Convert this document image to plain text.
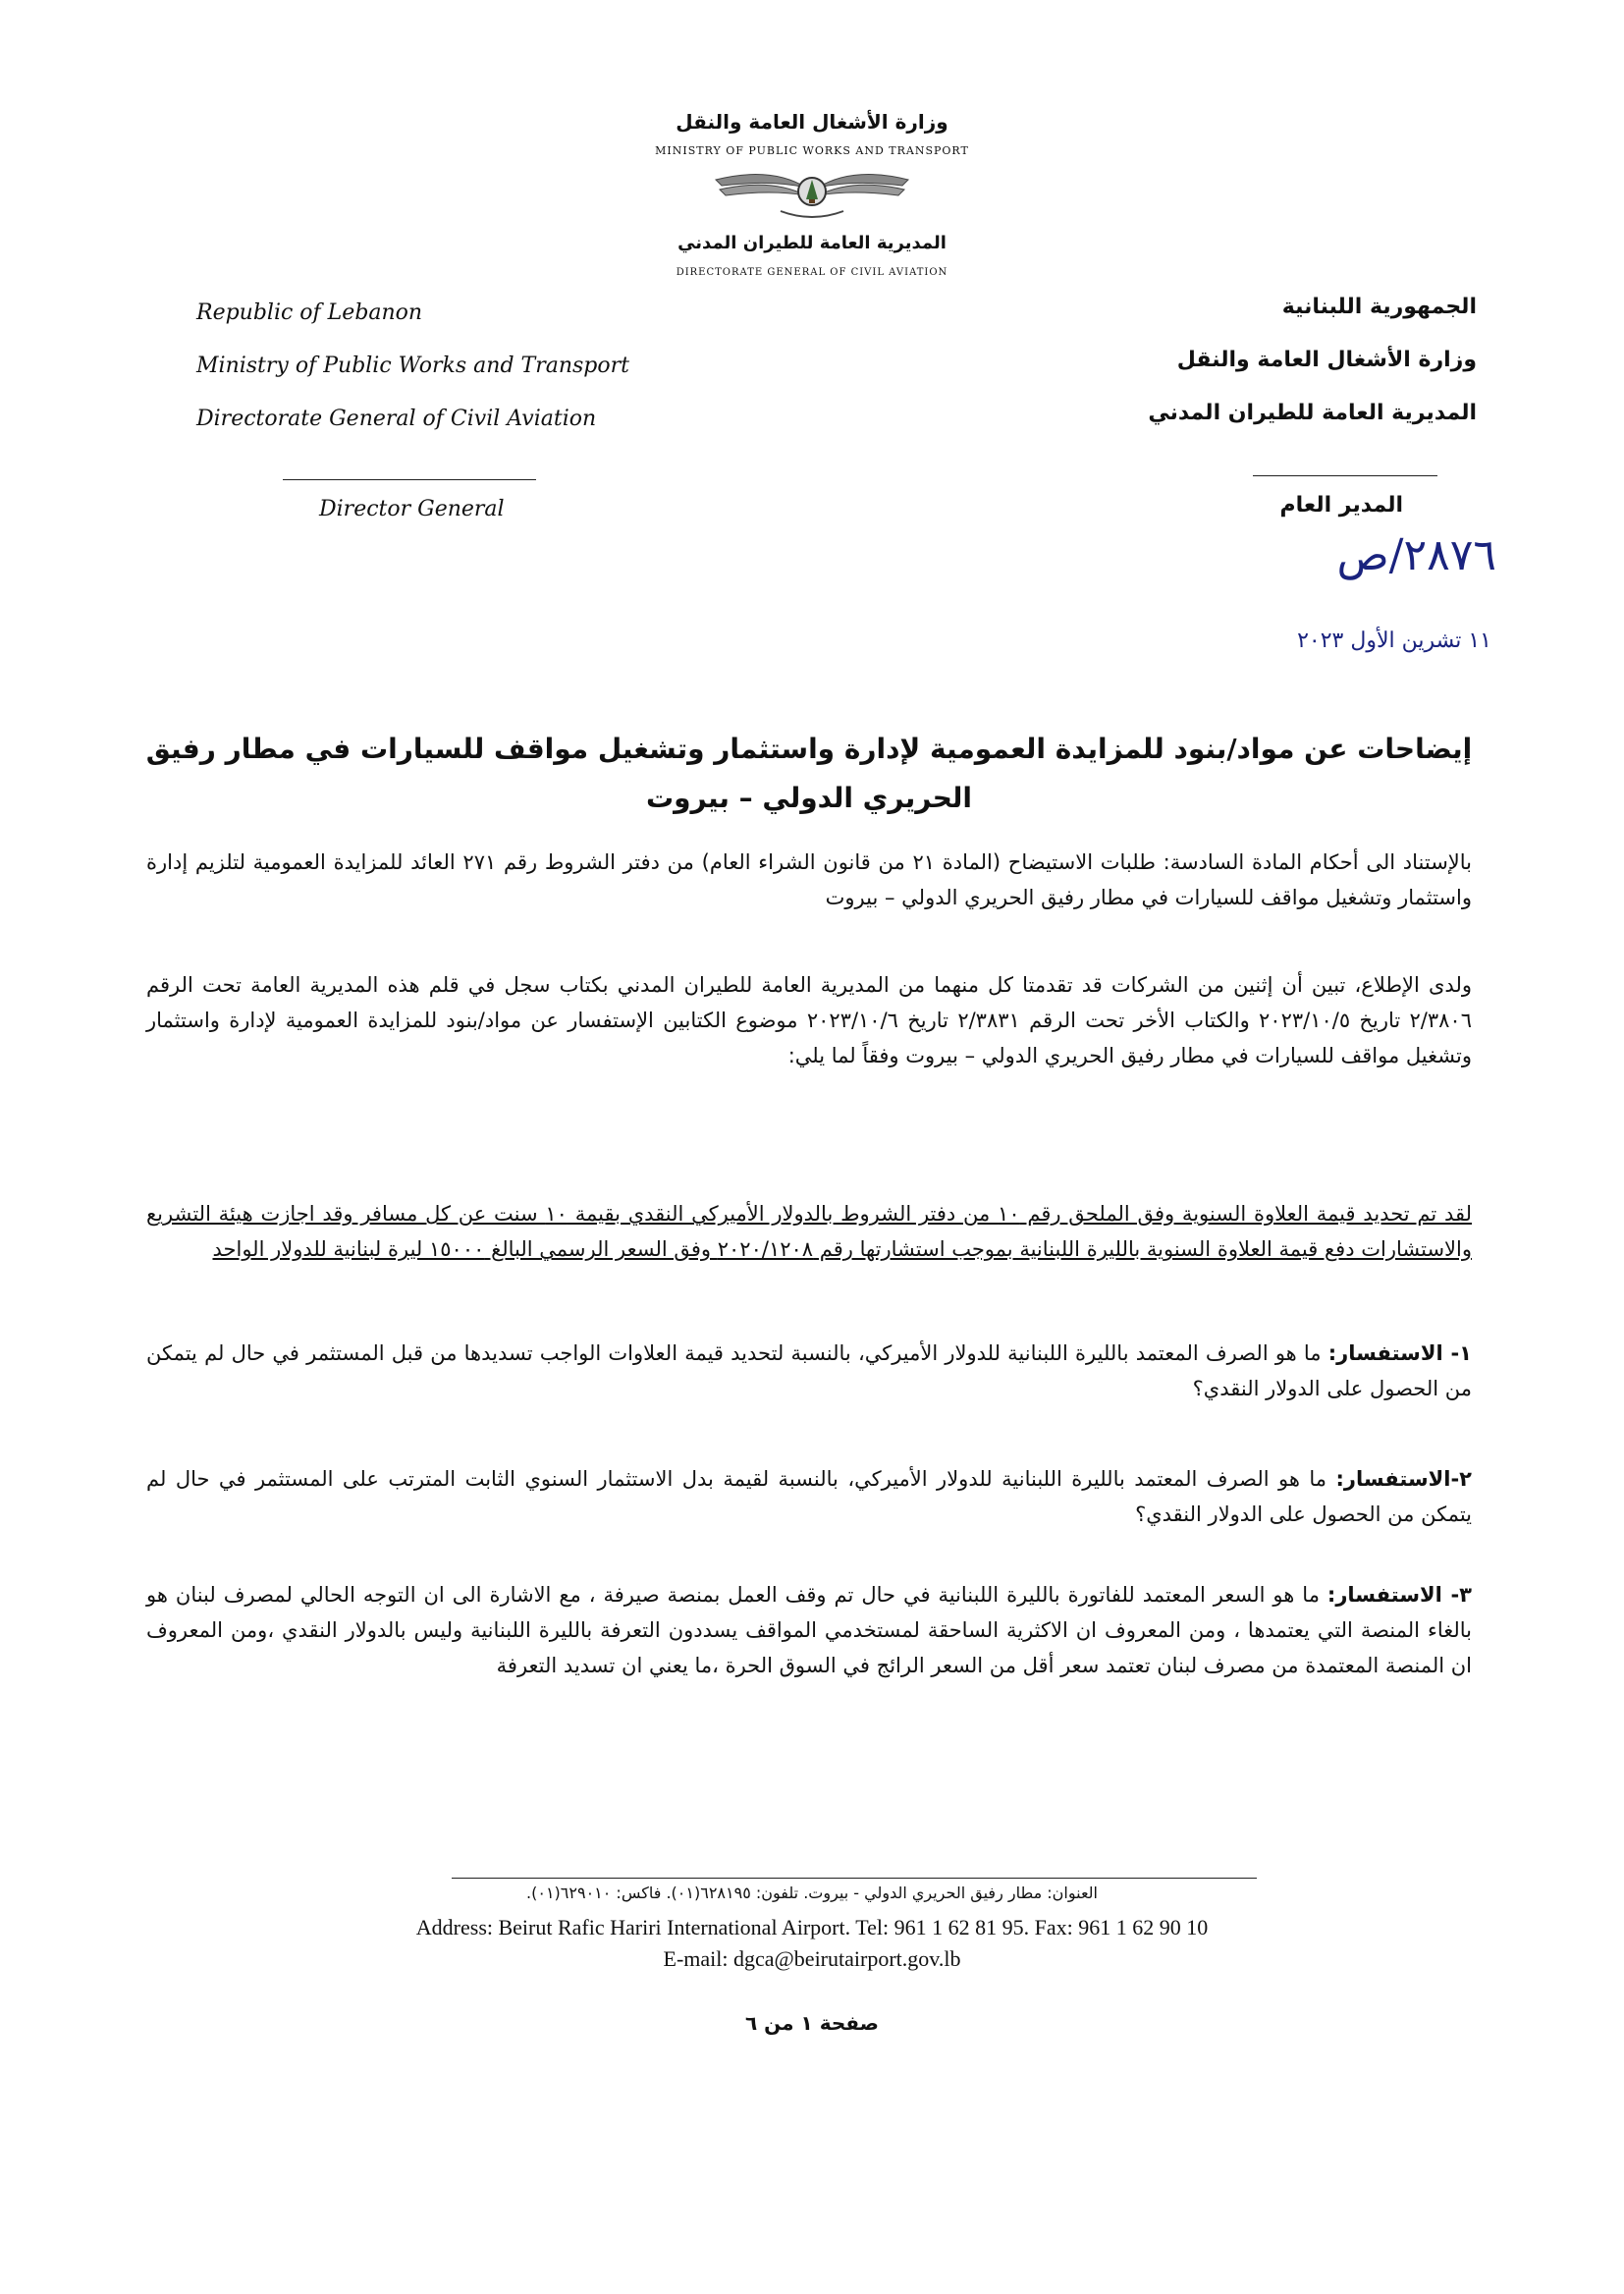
وزارة الأشغال العامة والنقل
MINISTRY OF PUBLIC WORKS AND TRANSPORT
المديرية العامة للطيران المدني
DIRECTORATE GENERAL OF CIVIL AVIATION
Republic of Lebanon
Ministry of Public Works and Transport
Directorate General of Civil Aviation
Director General
الجمهورية اللبنانية
وزارة الأشغال العامة والنقل
المديرية العامة للطيران المدني
المدير العام
٢٨٧٦/ص
١١ تشرين الأول ٢٠٢٣
إيضاحات عن مواد/بنود للمزايدة العمومية لإدارة واستثمار وتشغيل مواقف للسيارات في مطار رفيق الحريري الدولي – بيروت
بالإستناد الى أحكام المادة السادسة: طلبات الاستيضاح (المادة ٢١ من قانون الشراء العام) من دفتر الشروط رقم ٢٧١ العائد للمزايدة العمومية لتلزيم إدارة واستثمار وتشغيل مواقف للسيارات في مطار رفيق الحريري الدولي – بيروت
ولدى الإطلاع، تبين أن إثنين من الشركات قد تقدمتا كل منهما من المديرية العامة للطيران المدني بكتاب سجل في قلم هذه المديرية العامة تحت الرقم ٢/٣٨٠٦ تاريخ ٢٠٢٣/١٠/٥ والكتاب الأخر تحت الرقم ٢/٣٨٣١ تاريخ ٢٠٢٣/١٠/٦ موضوع الكتابين الإستفسار عن مواد/بنود للمزايدة العمومية لإدارة واستثمار وتشغيل مواقف للسيارات في مطار رفيق الحريري الدولي – بيروت وفقاً لما يلي:
لقد تم تحديد قيمة العلاوة السنوية وفق الملحق رقم ١٠ من دفتر الشروط بالدولار الأميركي النقدي بقيمة ١٠ سنت عن كل مسافر وقد اجازت هيئة التشريع والاستشارات دفع قيمة العلاوة السنوية بالليرة اللبنانية بموجب استشارتها رقم ٢٠٢٠/١٢٠٨ وفق السعر الرسمي البالغ ١٥٠٠٠ ليرة لبنانية للدولار الواحد
١- الاستفسار: ما هو الصرف المعتمد بالليرة اللبنانية للدولار الأميركي، بالنسبة لتحديد قيمة العلاوات الواجب تسديدها من قبل المستثمر في حال لم يتمكن من الحصول على الدولار النقدي؟
٢-الاستفسار: ما هو الصرف المعتمد بالليرة اللبنانية للدولار الأميركي، بالنسبة لقيمة بدل الاستثمار السنوي الثابت المترتب على المستثمر في حال لم يتمكن من الحصول على الدولار النقدي؟
٣- الاستفسار: ما هو السعر المعتمد للفاتورة بالليرة اللبنانية في حال تم وقف العمل بمنصة صيرفة ، مع الاشارة الى ان التوجه الحالي لمصرف لبنان هو بالغاء المنصة التي يعتمدها ، ومن المعروف ان الاكثرية الساحقة لمستخدمي المواقف يسددون التعرفة بالليرة اللبنانية وليس بالدولار النقدي ،ومن المعروف ان المنصة المعتمدة من مصرف لبنان تعتمد سعر أقل من السعر الرائج في السوق الحرة ،ما يعني ان تسديد التعرفة
العنوان: مطار رفيق الحريري الدولي - بيروت. تلفون: ٦٢٨١٩٥(٠١). فاكس: ٦٢٩٠١٠(٠١).
Address: Beirut Rafic Hariri International Airport. Tel: 961 1 62 81 95. Fax: 961 1 62 90 10
E-mail: dgca@beirutairport.gov.lb
صفحة ١ من ٦
